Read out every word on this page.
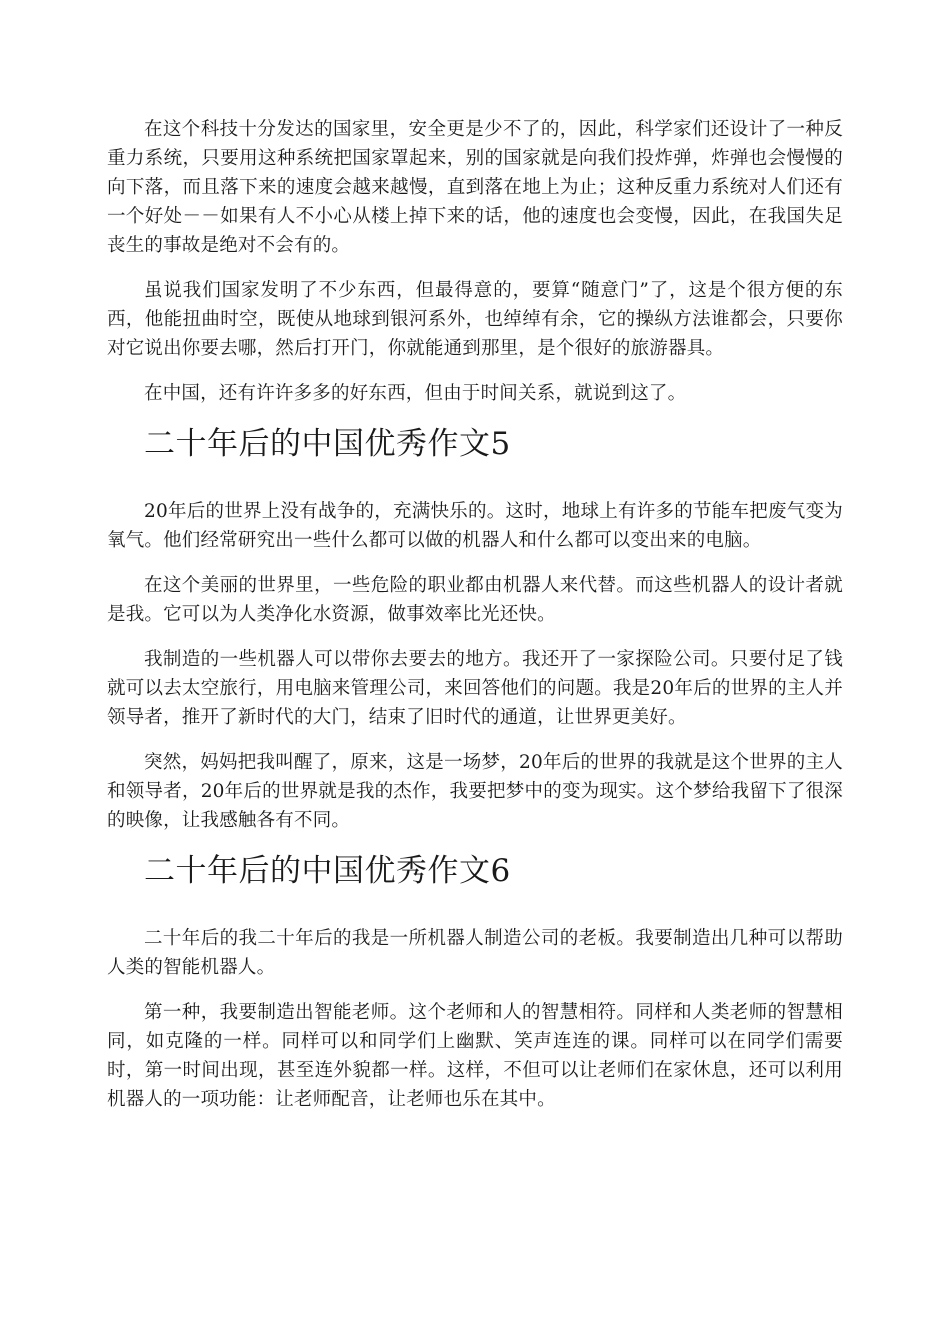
在这个科技十分发达的国家里，安全更是少不了的，因此，科学家们还设计了一种反重力系统，只要用这种系统把国家罩起来，别的国家就是向我们投炸弹，炸弹也会慢慢的向下落，而且落下来的速度会越来越慢，直到落在地上为止；这种反重力系统对人们还有一个好处－－如果有人不小心从楼上掉下来的话，他的速度也会变慢，因此，在我国失足丧生的事故是绝对不会有的。

虽说我们国家发明了不少东西，但最得意的，要算“随意门”了，这是个很方便的东西，他能扭曲时空，既使从地球到银河系外，也绰绰有余，它的操纵方法谁都会，只要你对它说出你要去哪，然后打开门，你就能通到那里，是个很好的旅游器具。

在中国，还有许许多多的好东西，但由于时间关系，就说到这了。

二十年后的中国优秀作文5

20年后的世界上没有战争的，充满快乐的。这时，地球上有许多的节能车把废气变为氧气。他们经常研究出一些什么都可以做的机器人和什么都可以变出来的电脑。

在这个美丽的世界里，一些危险的职业都由机器人来代替。而这些机器人的设计者就是我。它可以为人类净化水资源，做事效率比光还快。

我制造的一些机器人可以带你去要去的地方。我还开了一家探险公司。只要付足了钱就可以去太空旅行，用电脑来管理公司，来回答他们的问题。我是20年后的世界的主人并领导者，推开了新时代的大门，结束了旧时代的通道，让世界更美好。

突然，妈妈把我叫醒了，原来，这是一场梦，20年后的世界的我就是这个世界的主人和领导者，20年后的世界就是我的杰作，我要把梦中的变为现实。这个梦给我留下了很深的映像，让我感触各有不同。

二十年后的中国优秀作文6

二十年后的我二十年后的我是一所机器人制造公司的老板。我要制造出几种可以帮助人类的智能机器人。

第一种，我要制造出智能老师。这个老师和人的智慧相符。同样和人类老师的智慧相同，如克隆的一样。同样可以和同学们上幽默、笑声连连的课。同样可以在同学们需要时，第一时间出现，甚至连外貌都一样。这样，不但可以让老师们在家休息，还可以利用机器人的一项功能：让老师配音，让老师也乐在其中。
